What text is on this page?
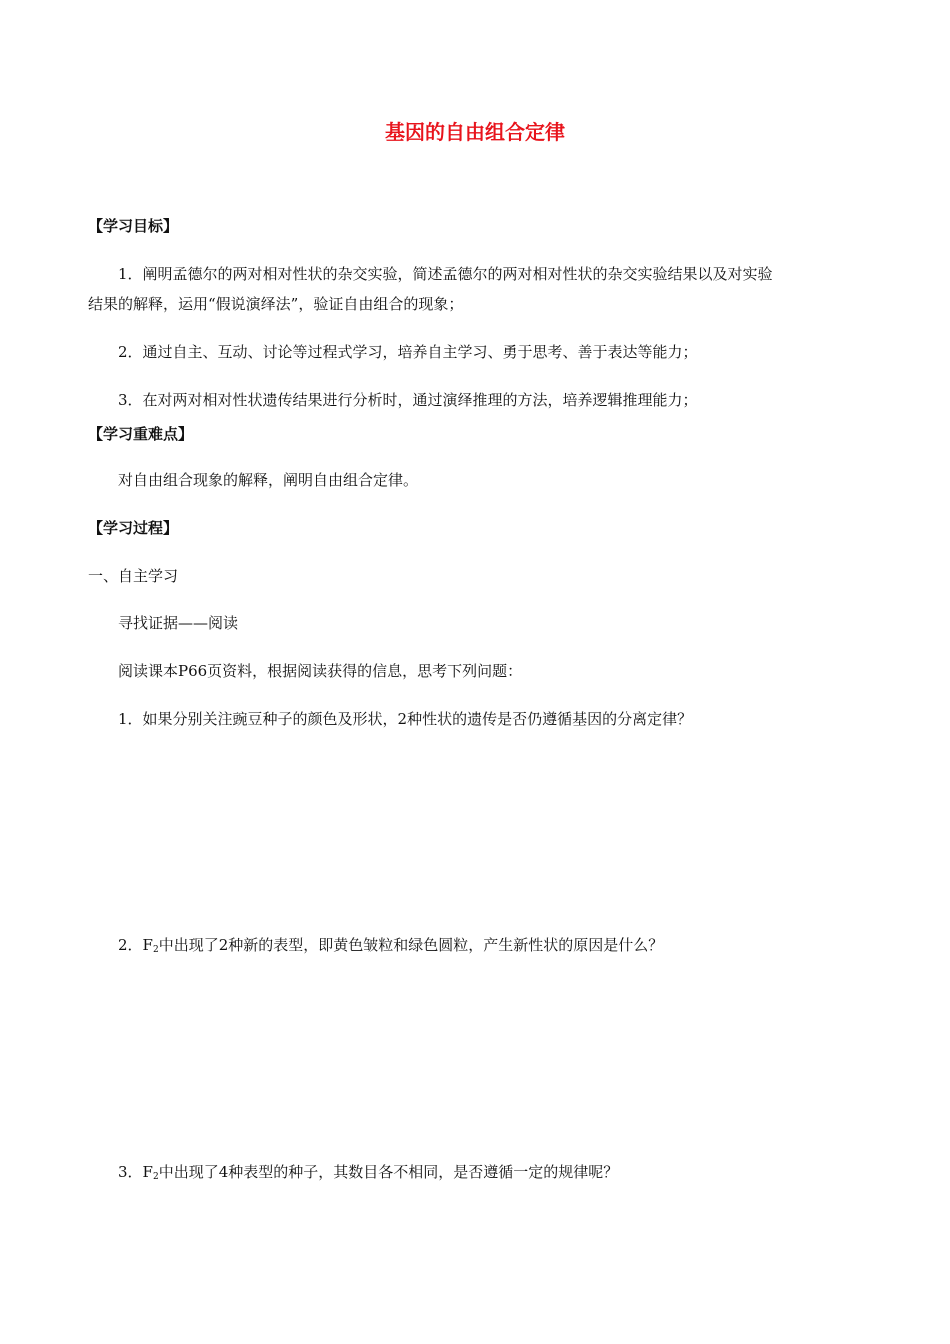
基因的自由组合定律
【学习目标】
1．阐明孟德尔的两对相对性状的杂交实验，简述孟德尔的两对相对性状的杂交实验结果以及对实验
结果的解释，运用“假说演绎法”，验证自由组合的现象；
2．通过自主、互动、讨论等过程式学习，培养自主学习、勇于思考、善于表达等能力；
3．在对两对相对性状遗传结果进行分析时，通过演绎推理的方法，培养逻辑推理能力；
【学习重难点】
对自由组合现象的解释，阐明自由组合定律。
【学习过程】
一、自主学习
寻找证据——阅读
阅读课本P66页资料，根据阅读获得的信息，思考下列问题：
1．如果分别关注豌豆种子的颜色及形状，2种性状的遗传是否仍遵循基因的分离定律？
2．$F_2$中出现了2种新的表型，即黄色皱粒和绿色圆粒，产生新性状的原因是什么？
3．$F_2$中出现了4种表型的种子，其数目各不相同，是否遵循一定的规律呢？
